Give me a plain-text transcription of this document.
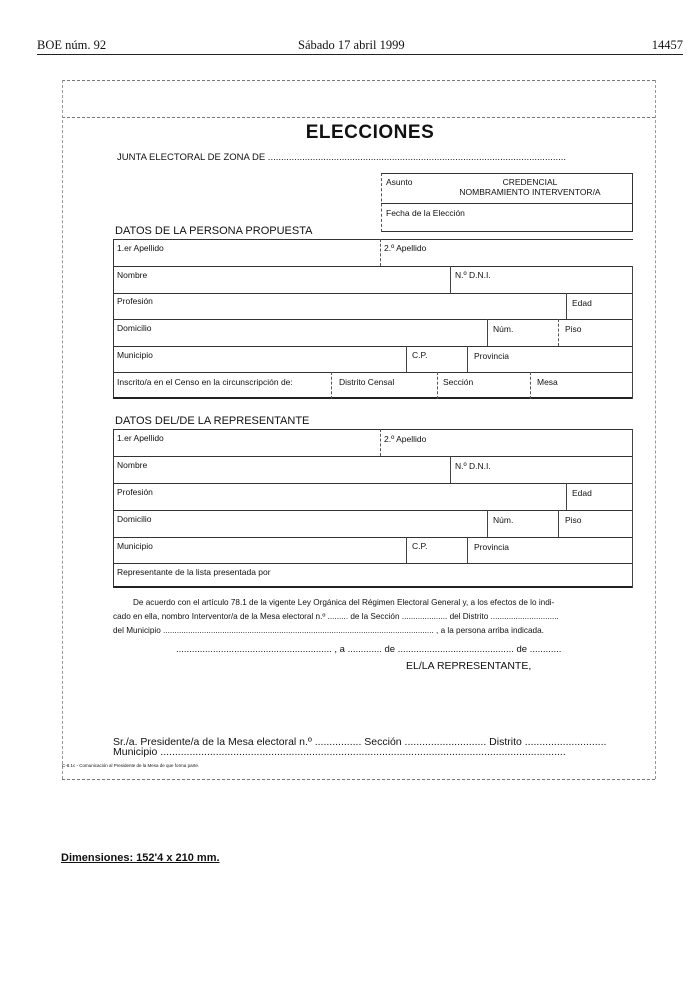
BOE núm. 92	Sábado 17 abril 1999	14457
ELECCIONES
JUNTA ELECTORAL DE ZONA DE .................................................................................................................
Asunto	CREDENCIAL
NOMBRAMIENTO INTERVENTOR/A
Fecha de la Elección
DATOS DE LA PERSONA PROPUESTA
1.er Apellido	2.º Apellido
Nombre	N.º D.N.I.
Profesión	Edad
Domicilio	Núm.	Piso
Municipio	C.P.	Provincia
Inscrito/a en el Censo en la circunscripción de:	Distrito Censal	Sección	Mesa
DATOS DEL/DE LA REPRESENTANTE
1.er Apellido	2.º Apellido
Nombre	N.º D.N.I.
Profesión	Edad
Domicilio	Núm.	Piso
Municipio	C.P.	Provincia
Representante de la lista presentada por
De acuerdo con el artículo 78.1 de la vigente Ley Orgánica del Régimen Electoral General y, a los efectos de lo indi-
cado en ella, nombro Interventor/a de la Mesa electoral n.º ......... de la Sección .................... del Distrito ..............................
del Municipio ....................................................................................................................... , a la persona arriba indicada.
........................................................... , a ............. de ............................................ de ............
EL/LA REPRESENTANTE,
Sr./a. Presidente/a de la Mesa electoral n.º ................ Sección ............................ Distrito ............................
Municipio ...........................................................................................................................................
C-8.1c - Comunicación al Presidente de la Mesa de que forma parte.
Dimensiones: 152'4 x 210 mm.
